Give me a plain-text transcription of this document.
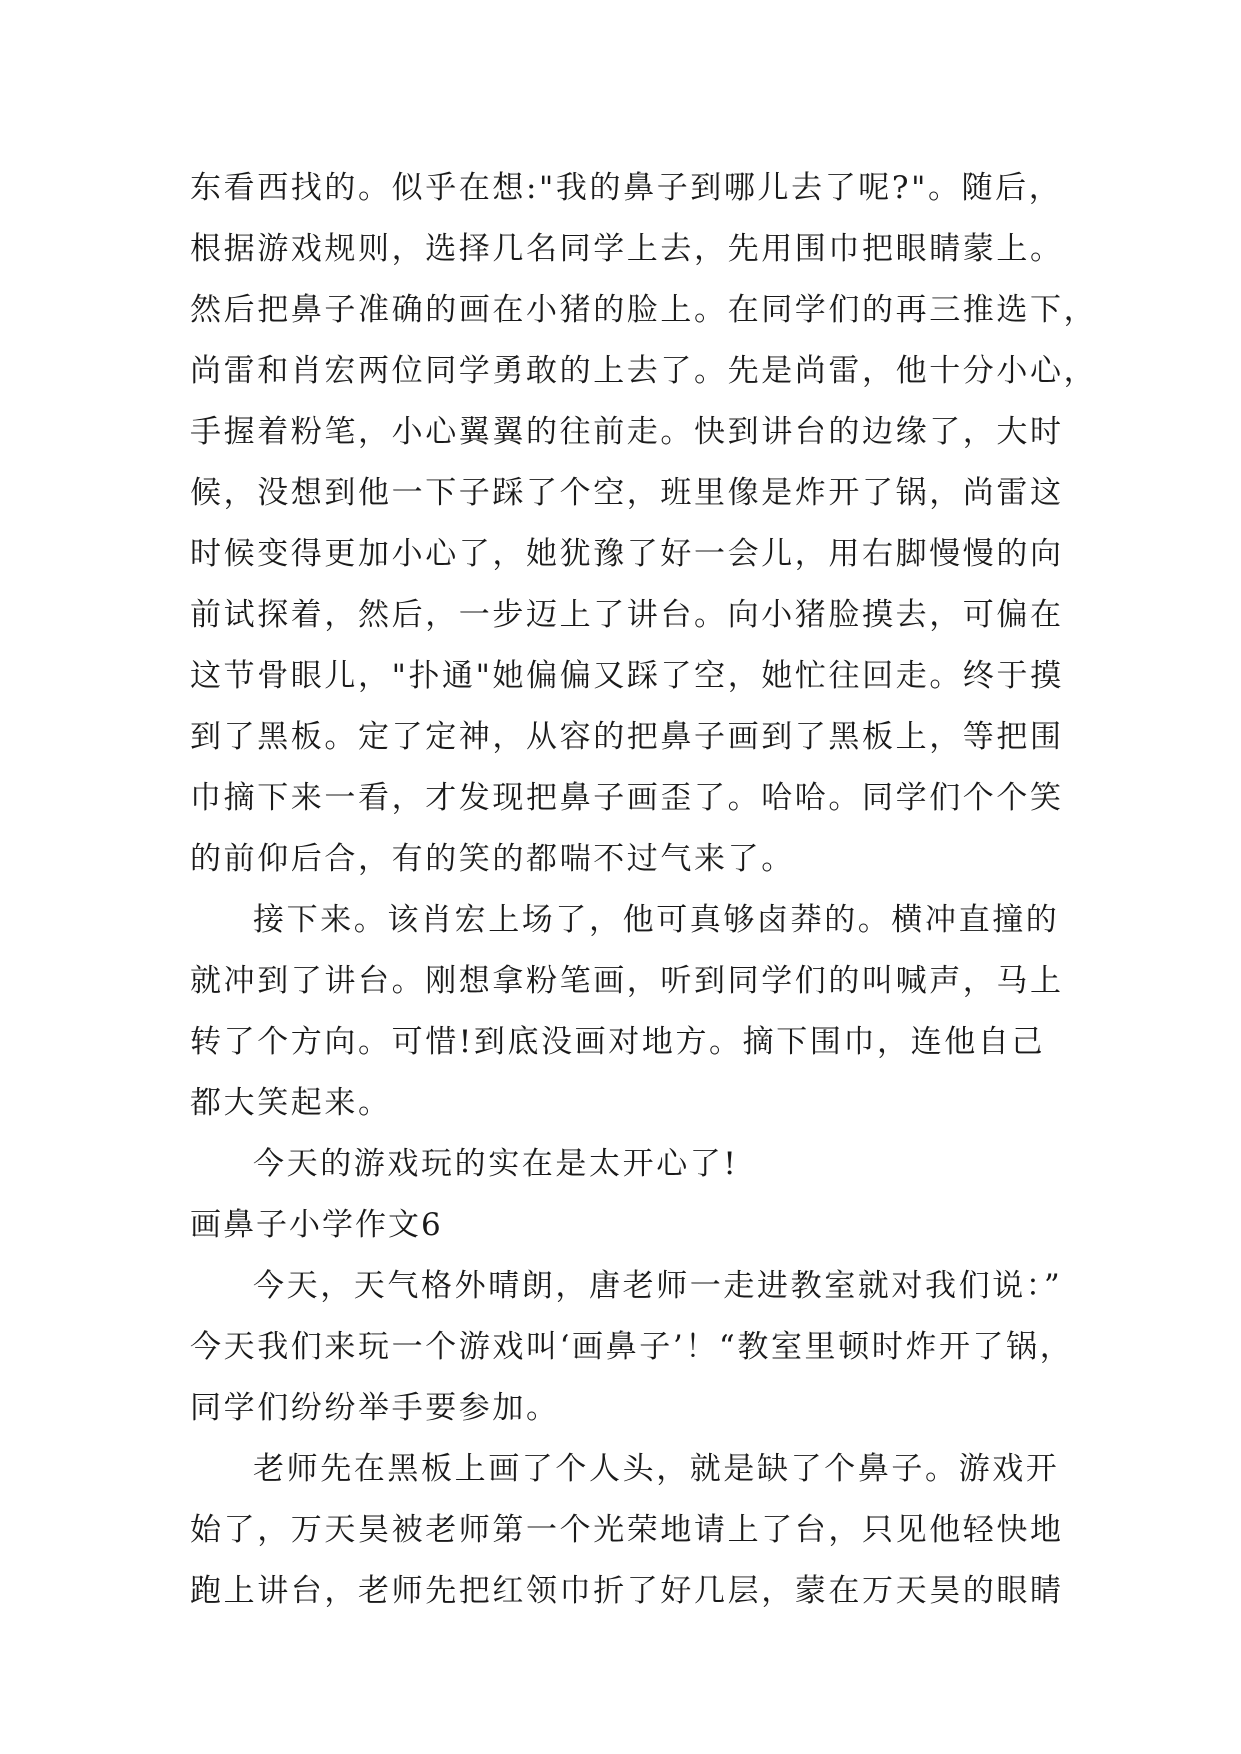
东看西找的。似乎在想:"我的鼻子到哪儿去了呢?"。随后，
根据游戏规则，选择几名同学上去，先用围巾把眼睛蒙上。
然后把鼻子准确的画在小猪的脸上。在同学们的再三推选下，
尚雷和肖宏两位同学勇敢的上去了。先是尚雷，他十分小心，
手握着粉笔，小心翼翼的往前走。快到讲台的边缘了，大时
候，没想到他一下子踩了个空，班里像是炸开了锅，尚雷这
时候变得更加小心了，她犹豫了好一会儿，用右脚慢慢的向
前试探着，然后，一步迈上了讲台。向小猪脸摸去，可偏在
这节骨眼儿，"扑通"她偏偏又踩了空，她忙往回走。终于摸
到了黑板。定了定神，从容的把鼻子画到了黑板上，等把围
巾摘下来一看，才发现把鼻子画歪了。哈哈。同学们个个笑
的前仰后合，有的笑的都喘不过气来了。
接下来。该肖宏上场了，他可真够卤莽的。横冲直撞的
就冲到了讲台。刚想拿粉笔画，听到同学们的叫喊声，马上
转了个方向。可惜!到底没画对地方。摘下围巾，连他自己
都大笑起来。
今天的游戏玩的实在是太开心了!
画鼻子小学作文6
今天，天气格外晴朗，唐老师一走进教室就对我们说：”
今天我们来玩一个游戏叫‘画鼻子’！“教室里顿时炸开了锅，
同学们纷纷举手要参加。
老师先在黑板上画了个人头，就是缺了个鼻子。游戏开
始了，万天昊被老师第一个光荣地请上了台，只见他轻快地
跑上讲台，老师先把红领巾折了好几层，蒙在万天昊的眼睛
